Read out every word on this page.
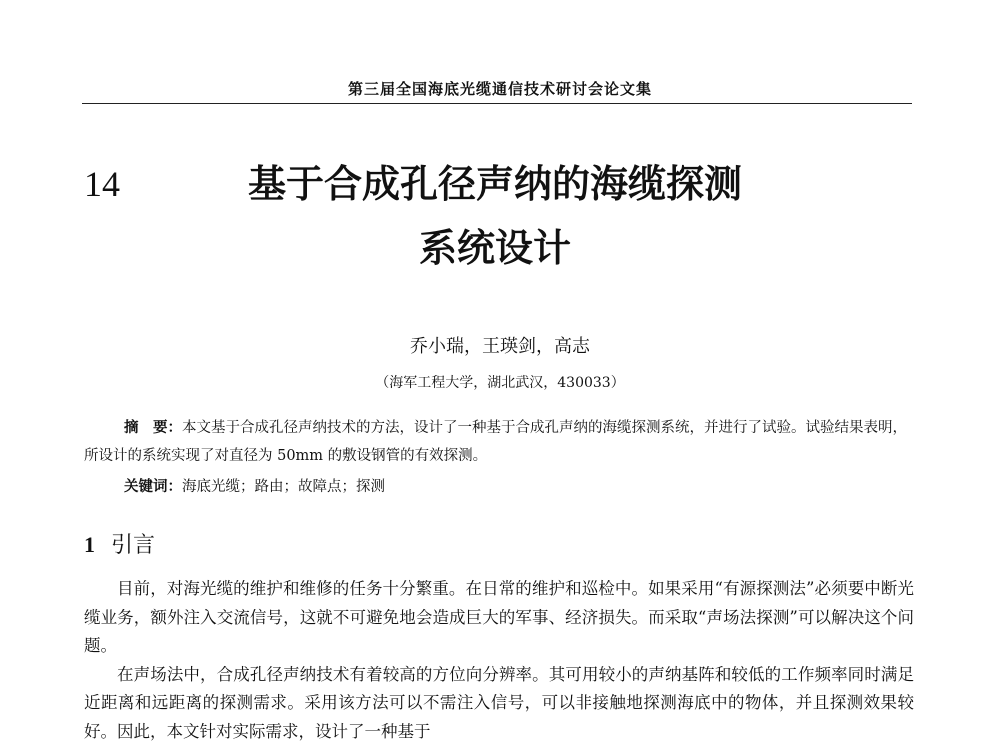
第三届全国海底光缆通信技术研讨会论文集
14	基于合成孔径声纳的海缆探测
系统设计
乔小瑞，王瑛剑，高志
（海军工程大学，湖北武汉，430033）
摘　要：本文基于合成孔径声纳技术的方法，设计了一种基于合成孔声纳的海缆探测系统，并进行了试验。试验结果表明，所设计的系统实现了对直径为 50mm 的敷设钢管的有效探测。
关键词：海底光缆；路由；故障点；探测
1 引言

目前，对海光缆的维护和维修的任务十分繁重。在日常的维护和巡检中。如果采用“有源探测法”必须要中断光缆业务，额外注入交流信号，这就不可避免地会造成巨大的军事、经济损失。而采取“声场法探测”可以解决这个问题。

在声场法中，合成孔径声纳技术有着较高的方位向分辨率。其可用较小的声纳基阵和较低的工作频率同时满足近距离和远距离的探测需求。采用该方法可以不需注入信号，可以非接触地探测海底中的物体，并且探测效果较好。因此，本文针对实际需求，设计了一种基于
